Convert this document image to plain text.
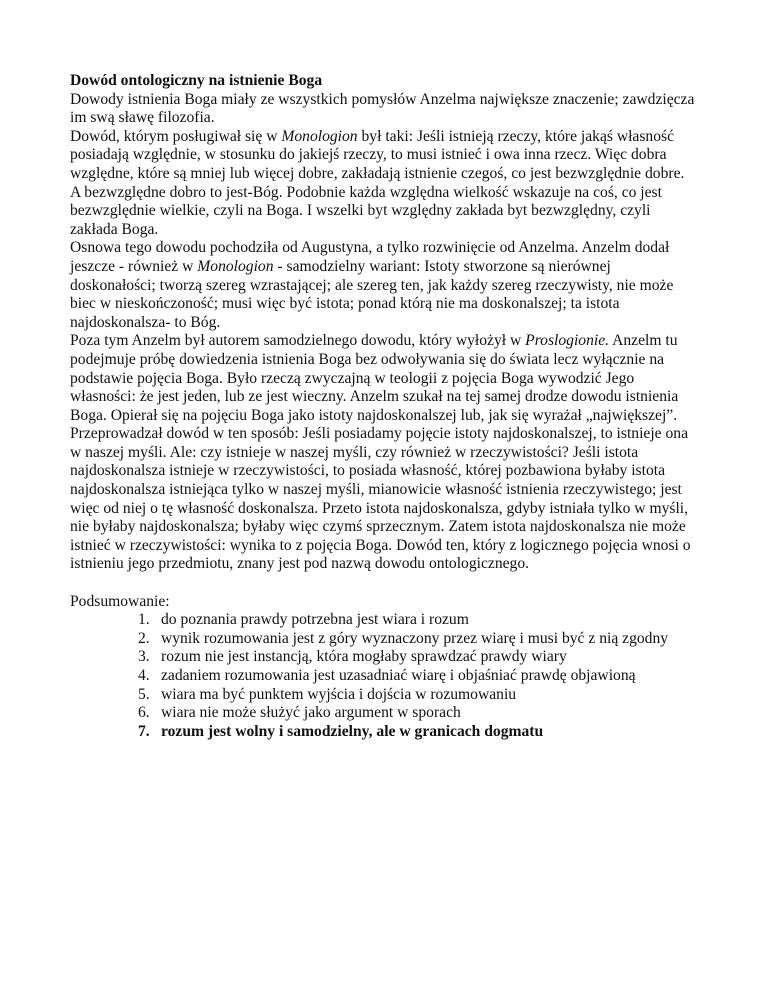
Dowód ontologiczny na istnienie Boga

Dowody istnienia Boga miały ze wszystkich pomysłów Anzelma największe znaczenie; zawdzięcza im swą sławę filozofia.

Dowód, którym posługiwał się w Monologion był taki: Jeśli istnieją rzeczy, które jakąś własność posiadają względnie, w stosunku do jakiejś rzeczy, to musi istnieć i owa inna rzecz. Więc dobra względne, które są mniej lub więcej dobre, zakładają istnienie czegoś, co jest bezwzględnie dobre. A bezwzględne dobro to jest-Bóg. Podobnie każda względna wielkość wskazuje na coś, co jest bezwzględnie wielkie, czyli na Boga. I wszelki byt względny zakłada byt bezwzględny, czyli zakłada Boga.

Osnowa tego dowodu pochodziła od Augustyna, a tylko rozwinięcie od Anzelma. Anzelm dodał jeszcze - również w Monologion - samodzielny wariant: Istoty stworzone są nierównej doskonałości; tworzą szereg wzrastającej; ale szereg ten, jak każdy szereg rzeczywisty, nie może biec w nieskończoność; musi więc być istota; ponad którą nie ma doskonalszej; ta istota najdoskonalsza- to Bóg.

Poza tym Anzelm był autorem samodzielnego dowodu, który wyłożył w Proslogionie. Anzelm tu podejmuje próbę dowiedzenia istnienia Boga bez odwoływania się do świata lecz wyłącznie na podstawie pojęcia Boga. Było rzeczą zwyczajną w teologii z pojęcia Boga wywodzić Jego własności: że jest jeden, lub ze jest wieczny. Anzelm szukał na tej samej drodze dowodu istnienia Boga. Opierał się na pojęciu Boga jako istoty najdoskonalszej lub, jak się wyrażał „największej”.

Przeprowadzał dowód w ten sposób: Jeśli posiadamy pojęcie istoty najdoskonalszej, to istnieje ona w naszej myśli. Ale: czy istnieje w naszej myśli, czy również w rzeczywistości? Jeśli istota najdoskonalsza istnieje w rzeczywistości, to posiada własność, której pozbawiona byłaby istota najdoskonalsza istniejąca tylko w naszej myśli, mianowicie własność istnienia rzeczywistego; jest więc od niej o tę własność doskonalsza. Przeto istota najdoskonalsza, gdyby istniała tylko w myśli, nie byłaby najdoskonalsza; byłaby więc czymś sprzecznym. Zatem istota najdoskonalsza nie może istnieć w rzeczywistości: wynika to z pojęcia Boga. Dowód ten, który z logicznego pojęcia wnosi o istnieniu jego przedmiotu, znany jest pod nazwą dowodu ontologicznego.

Podsumowanie:

1. do poznania prawdy potrzebna jest wiara i rozum
2. wynik rozumowania jest z góry wyznaczony przez wiarę i musi być z nią zgodny
3. rozum nie jest instancją, która mogłaby sprawdzać prawdy wiary
4. zadaniem rozumowania jest uzasadniać wiarę i objaśniać prawdę objawioną
5. wiara ma być punktem wyjścia i dojścia w rozumowaniu
6. wiara nie może służyć jako argument w sporach
7. rozum jest wolny i samodzielny, ale w granicach dogmatu
